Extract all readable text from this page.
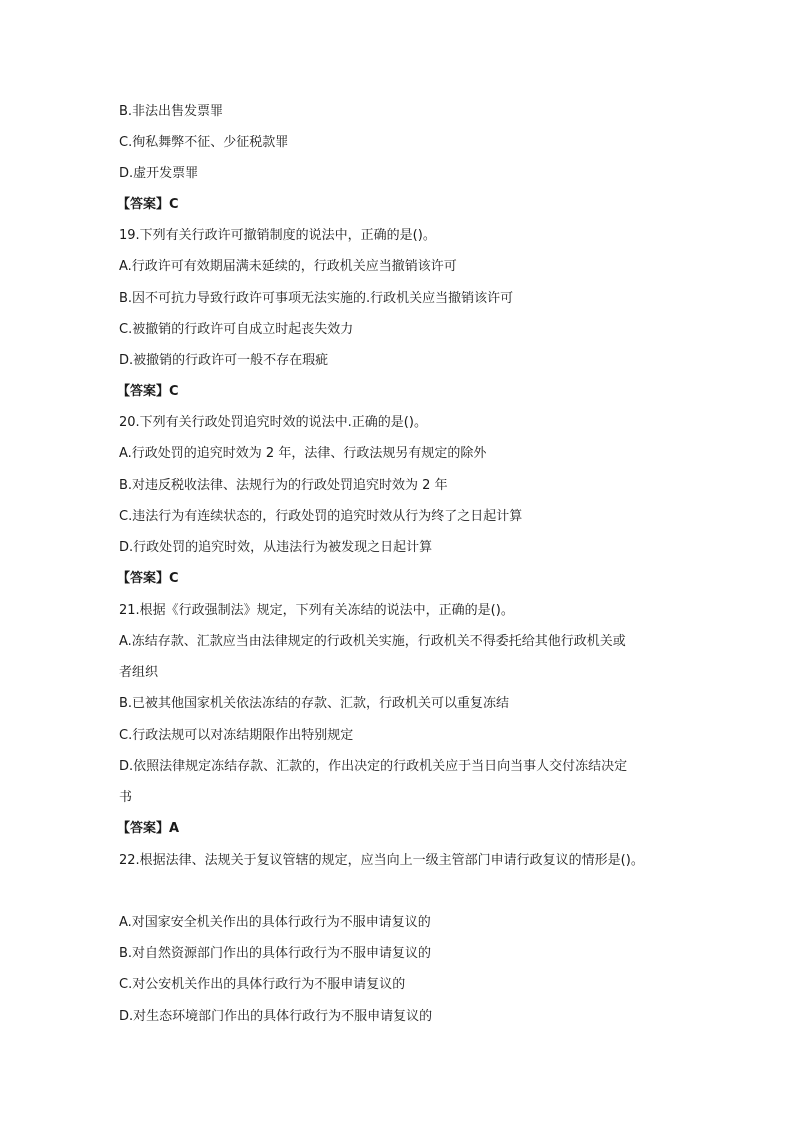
B.非法出售发票罪
C.徇私舞弊不征、少征税款罪
D.虚开发票罪
【答案】C
19.下列有关行政许可撤销制度的说法中，正确的是()。
A.行政许可有效期届满未延续的，行政机关应当撤销该许可
B.因不可抗力导致行政许可事项无法实施的.行政机关应当撤销该许可
C.被撤销的行政许可自成立时起丧失效力
D.被撤销的行政许可一般不存在瑕疵
【答案】C
20.下列有关行政处罚追究时效的说法中.正确的是()。
A.行政处罚的追究时效为 2 年，法律、行政法规另有规定的除外
B.对违反税收法律、法规行为的行政处罚追究时效为 2 年
C.违法行为有连续状态的，行政处罚的追究时效从行为终了之日起计算
D.行政处罚的追究时效，从违法行为被发现之日起计算
【答案】C
21.根据《行政强制法》规定，下列有关冻结的说法中，正确的是()。
A.冻结存款、汇款应当由法律规定的行政机关实施，行政机关不得委托给其他行政机关或
者组织
B.已被其他国家机关依法冻结的存款、汇款，行政机关可以重复冻结
C.行政法规可以对冻结期限作出特别规定
D.依照法律规定冻结存款、汇款的，作出决定的行政机关应于当日向当事人交付冻结决定
书
【答案】A
22.根据法律、法规关于复议管辖的规定，应当向上一级主管部门申请行政复议的情形是()。
A.对国家安全机关作出的具体行政行为不服申请复议的
B.对自然资源部门作出的具体行政行为不服申请复议的
C.对公安机关作出的具体行政行为不服申请复议的
D.对生态环境部门作出的具体行政行为不服申请复议的
